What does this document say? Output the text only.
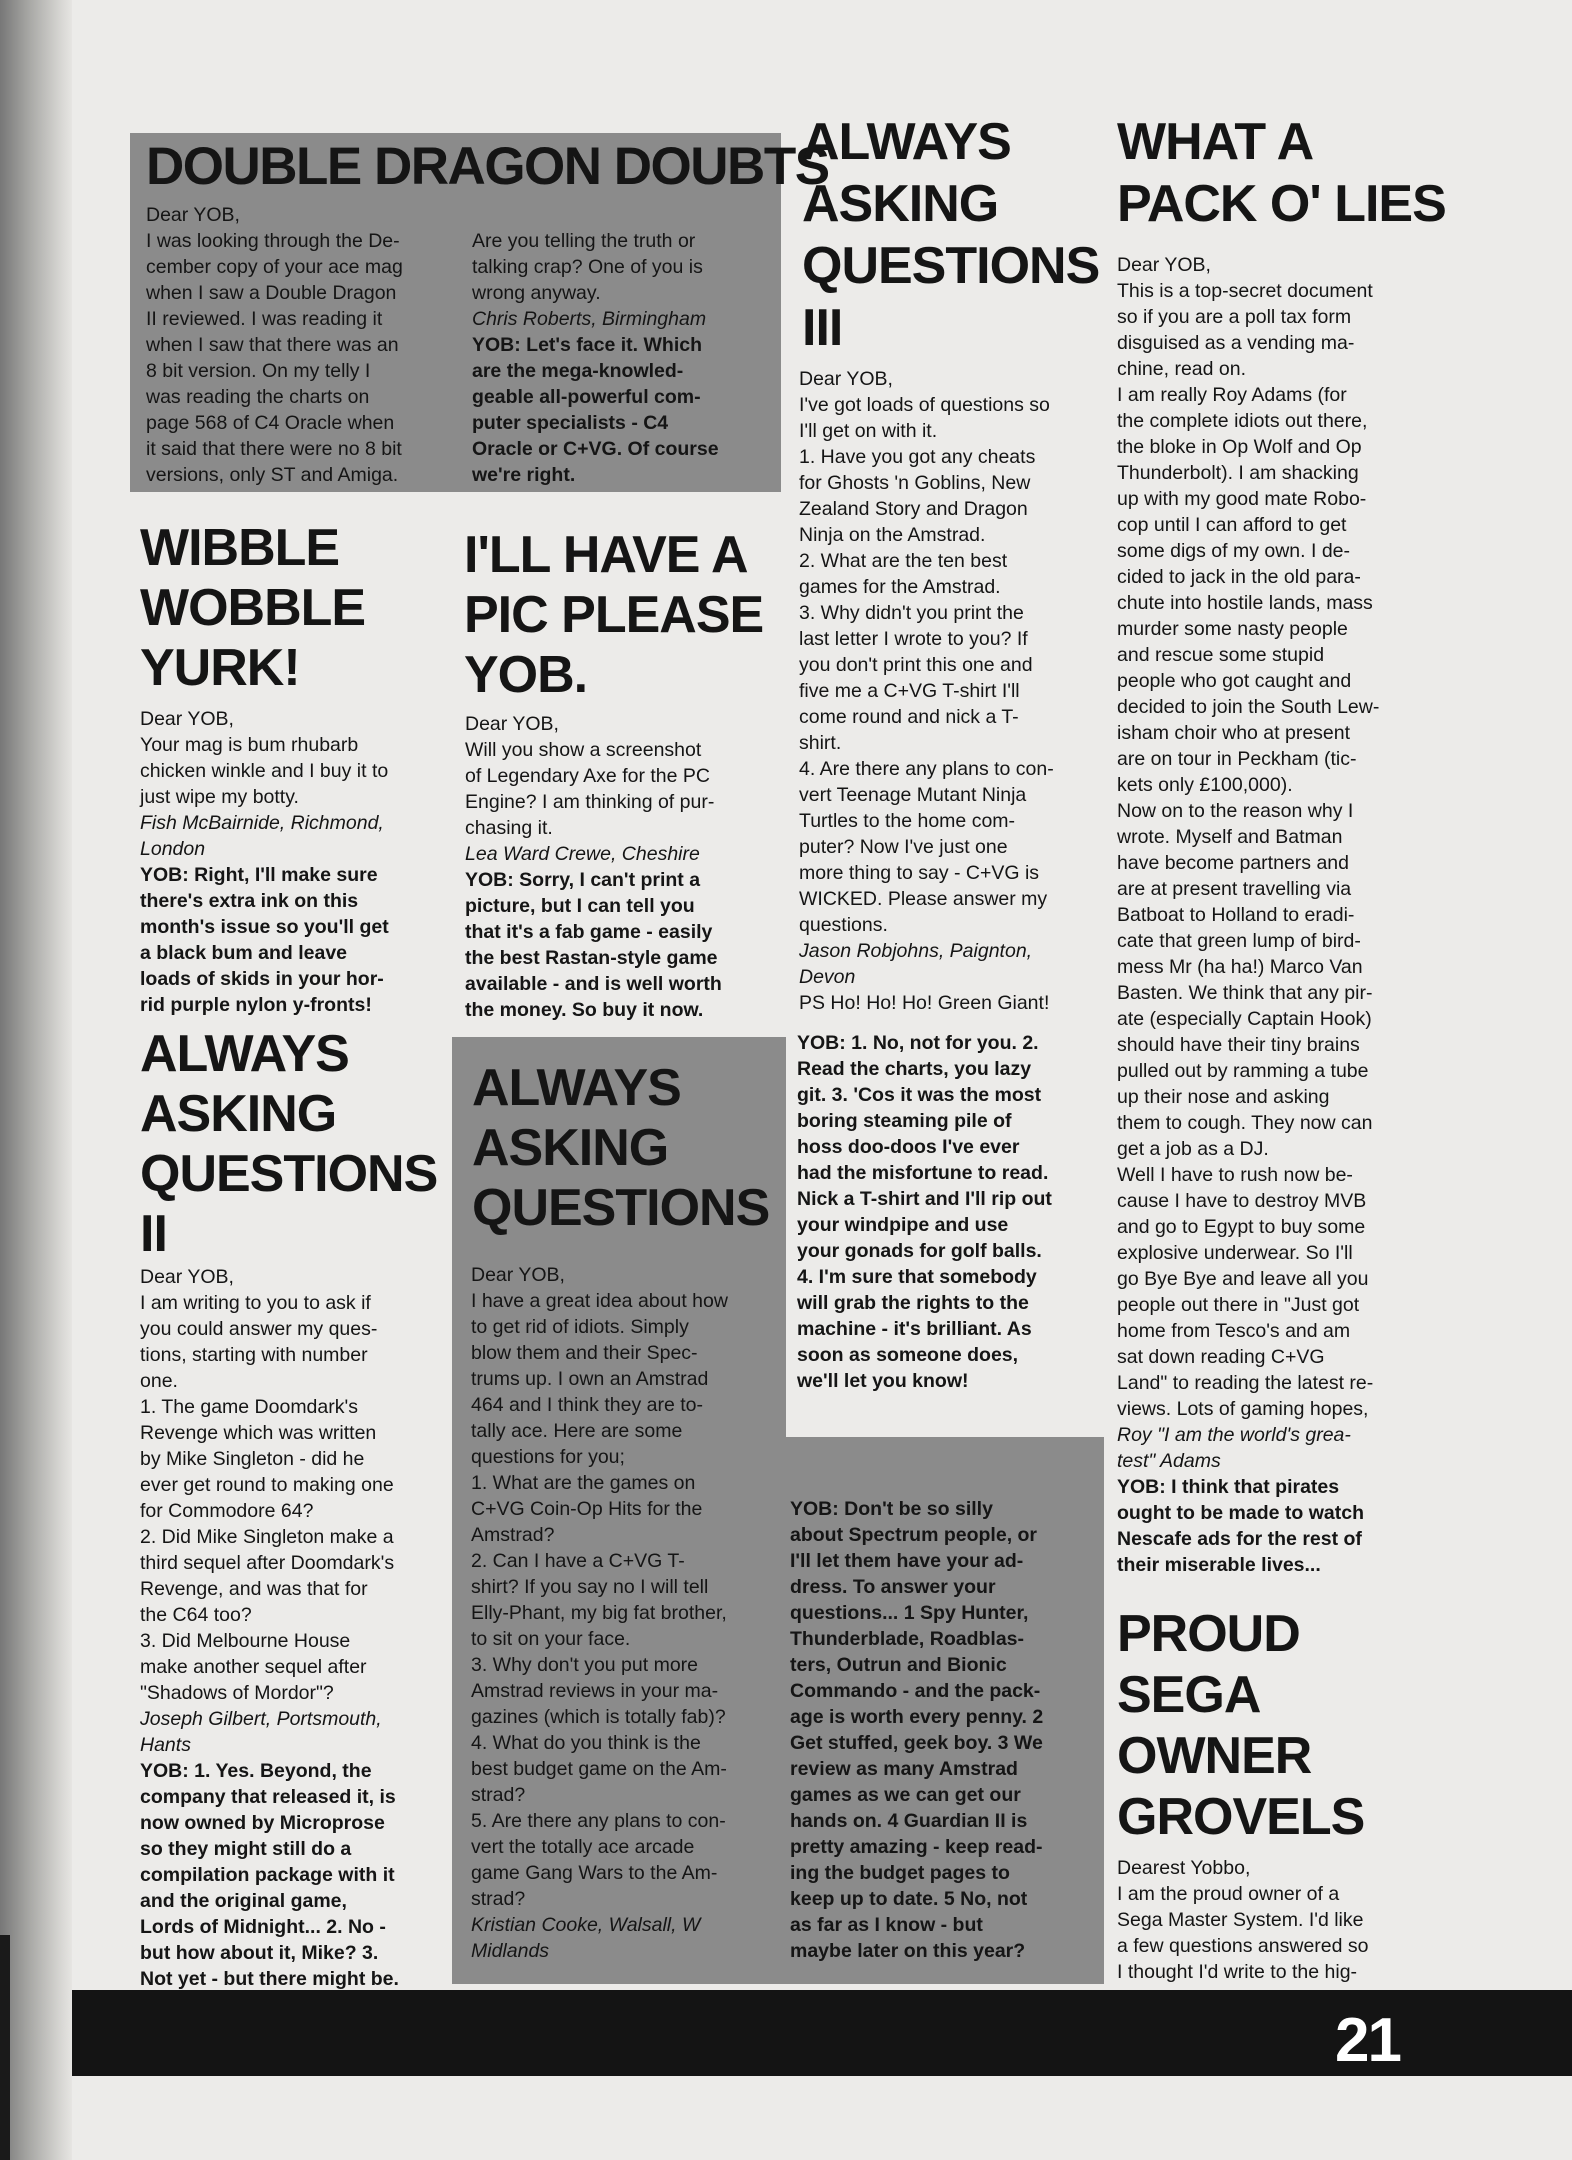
DOUBLE DRAGON DOUBTS
Dear YOB,
I was looking through the De-
cember copy of your ace mag
when I saw a Double Dragon
II reviewed. I was reading it
when I saw that there was an
8 bit version. On my telly I
was reading the charts on
page 568 of C4 Oracle when
it said that there were no 8 bit
versions, only ST and Amiga.
Are you telling the truth or
talking crap? One of you is
wrong anyway.
Chris Roberts, Birmingham
YOB: Let's face it. Which
are the mega-knowled-
geable all-powerful com-
puter specialists - C4
Oracle or C+VG. Of course
we're right.
WIBBLE
WOBBLE
YURK!
Dear YOB,
Your mag is bum rhubarb
chicken winkle and I buy it to
just wipe my botty.
Fish McBairnide, Richmond,
London
YOB: Right, I'll make sure
there's extra ink on this
month's issue so you'll get
a black bum and leave
loads of skids in your hor-
rid purple nylon y-fronts!
I'LL HAVE A
PIC PLEASE
YOB.
Dear YOB,
Will you show a screenshot
of Legendary Axe for the PC
Engine? I am thinking of pur-
chasing it.
Lea Ward Crewe, Cheshire
YOB: Sorry, I can't print a
picture, but I can tell you
that it's a fab game - easily
the best Rastan-style game
available - and is well worth
the money. So buy it now.
ALWAYS
ASKING
QUESTIONS
II
Dear YOB,
I am writing to you to ask if
you could answer my ques-
tions, starting with number
one.
1. The game Doomdark's
Revenge which was written
by Mike Singleton - did he
ever get round to making one
for Commodore 64?
2. Did Mike Singleton make a
third sequel after Doomdark's
Revenge, and was that for
the C64 too?
3. Did Melbourne House
make another sequel after
"Shadows of Mordor"?
Joseph Gilbert, Portsmouth,
Hants
YOB: 1. Yes. Beyond, the
company that released it, is
now owned by Microprose
so they might still do a
compilation package with it
and the original game,
Lords of Midnight... 2. No -
but how about it, Mike? 3.
Not yet - but there might be.
ALWAYS
ASKING
QUESTIONS
Dear YOB,
I have a great idea about how
to get rid of idiots. Simply
blow them and their Spec-
trums up. I own an Amstrad
464 and I think they are to-
tally ace. Here are some
questions for you;
1. What are the games on
C+VG Coin-Op Hits for the
Amstrad?
2. Can I have a C+VG T-
shirt? If you say no I will tell
Elly-Phant, my big fat brother,
to sit on your face.
3. Why don't you put more
Amstrad reviews in your ma-
gazines (which is totally fab)?
4. What do you think is the
best budget game on the Am-
strad?
5. Are there any plans to con-
vert the totally ace arcade
game Gang Wars to the Am-
strad?
Kristian Cooke, Walsall, W
Midlands
YOB: Don't be so silly
about Spectrum people, or
I'll let them have your ad-
dress. To answer your
questions... 1 Spy Hunter,
Thunderblade, Roadblas-
ters, Outrun and Bionic
Commando - and the pack-
age is worth every penny. 2
Get stuffed, geek boy. 3 We
review as many Amstrad
games as we can get our
hands on. 4 Guardian II is
pretty amazing - keep read-
ing the budget pages to
keep up to date. 5 No, not
as far as I know - but
maybe later on this year?
ALWAYS
ASKING
QUESTIONS
III
Dear YOB,
I've got loads of questions so
I'll get on with it.
1. Have you got any cheats
for Ghosts 'n Goblins, New
Zealand Story and Dragon
Ninja on the Amstrad.
2. What are the ten best
games for the Amstrad.
3. Why didn't you print the
last letter I wrote to you? If
you don't print this one and
five me a C+VG T-shirt I'll
come round and nick a T-
shirt.
4. Are there any plans to con-
vert Teenage Mutant Ninja
Turtles to the home com-
puter? Now I've just one
more thing to say - C+VG is
WICKED. Please answer my
questions.
Jason Robjohns, Paignton,
Devon
PS Ho! Ho! Ho! Green Giant!
YOB: 1. No, not for you. 2.
Read the charts, you lazy
git. 3. 'Cos it was the most
boring steaming pile of
hoss doo-doos I've ever
had the misfortune to read.
Nick a T-shirt and I'll rip out
your windpipe and use
your gonads for golf balls.
4. I'm sure that somebody
will grab the rights to the
machine - it's brilliant. As
soon as someone does,
we'll let you know!
WHAT A
PACK O' LIES
Dear YOB,
This is a top-secret document
so if you are a poll tax form
disguised as a vending ma-
chine, read on.
I am really Roy Adams (for
the complete idiots out there,
the bloke in Op Wolf and Op
Thunderbolt). I am shacking
up with my good mate Robo-
cop until I can afford to get
some digs of my own. I de-
cided to jack in the old para-
chute into hostile lands, mass
murder some nasty people
and rescue some stupid
people who got caught and
decided to join the South Lew-
isham choir who at present
are on tour in Peckham (tic-
kets only £100,000).
Now on to the reason why I
wrote. Myself and Batman
have become partners and
are at present travelling via
Batboat to Holland to eradi-
cate that green lump of bird-
mess Mr (ha ha!) Marco Van
Basten. We think that any pir-
ate (especially Captain Hook)
should have their tiny brains
pulled out by ramming a tube
up their nose and asking
them to cough. They now can
get a job as a DJ.
Well I have to rush now be-
cause I have to destroy MVB
and go to Egypt to buy some
explosive underwear. So I'll
go Bye Bye and leave all you
people out there in "Just got
home from Tesco's and am
sat down reading C+VG
Land" to reading the latest re-
views. Lots of gaming hopes,
Roy "I am the world's grea-
test" Adams
YOB: I think that pirates
ought to be made to watch
Nescafe ads for the rest of
their miserable lives...
PROUD
SEGA
OWNER
GROVELS
Dearest Yobbo,
I am the proud owner of a
Sega Master System. I'd like
a few questions answered so
I thought I'd write to the hig-
21
